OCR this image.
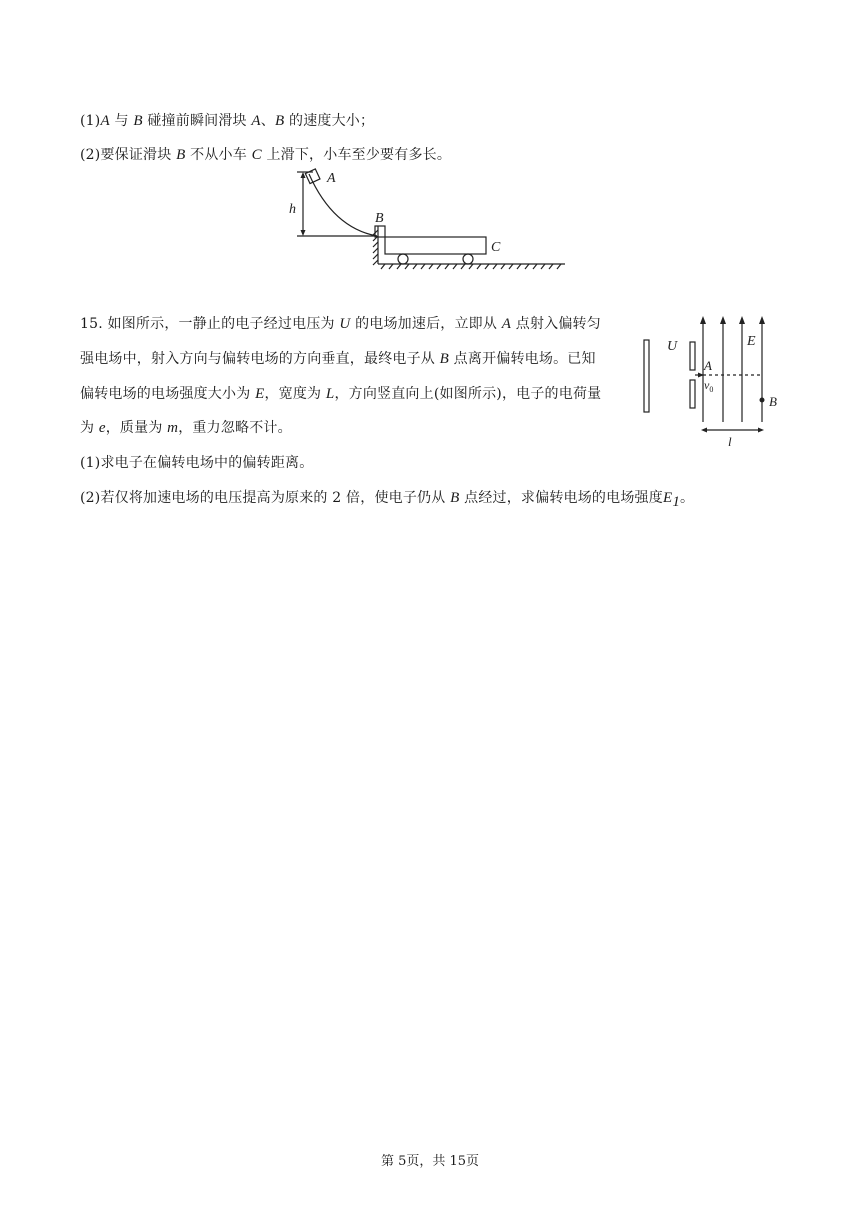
(1)A 与 B 碰撞前瞬间滑块 A、B 的速度大小；
(2)要保证滑块 B 不从小车 C 上滑下，小车至少要有多长。
A
h
B
C
15. 如图所示，一静止的电子经过电压为 U 的电场加速后，立即从 A 点射入偏转匀
强电场中，射入方向与偏转电场的方向垂直，最终电子从 B 点离开偏转电场。已知
偏转电场的电场强度大小为 E，宽度为 L，方向竖直向上(如图所示)，电子的电荷量
为 e，质量为 m，重力忽略不计。
(1)求电子在偏转电场中的偏转距离。
(2)若仅将加速电场的电压提高为原来的 2 倍，使电子仍从 B 点经过，求偏转电场的电场强度$E_1$。
U
A
$v_0$
E
B
l
第 5页，共 15页
